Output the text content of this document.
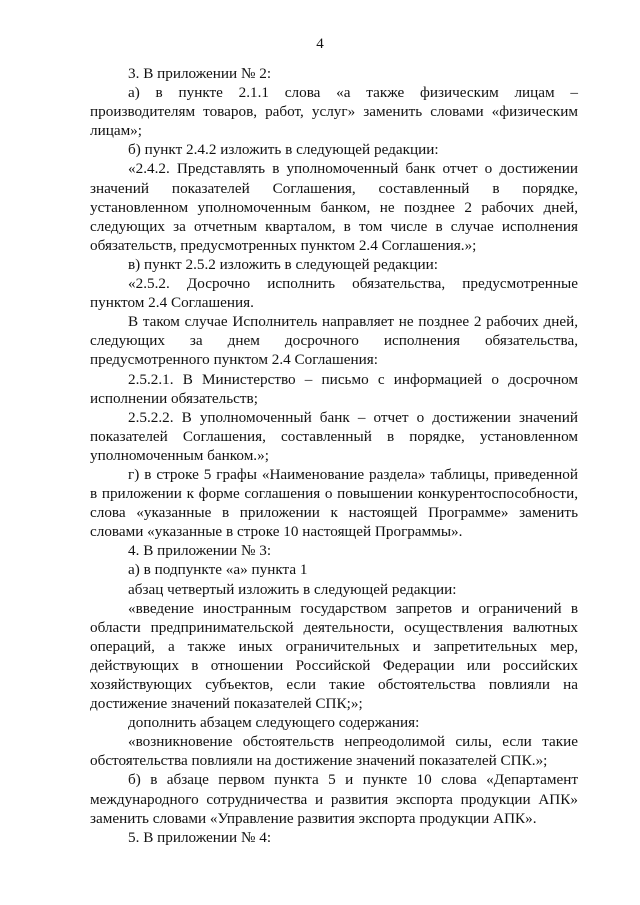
4

3. В приложении № 2:

а) в пункте 2.1.1 слова «а также физическим лицам – производителям товаров, работ, услуг» заменить словами «физическим лицам»;

б) пункт 2.4.2 изложить в следующей редакции:

«2.4.2. Представлять в уполномоченный банк отчет о достижении значений показателей Соглашения, составленный в порядке, установленном уполномоченным банком, не позднее 2 рабочих дней, следующих за отчетным кварталом, в том числе в случае исполнения обязательств, предусмотренных пунктом 2.4 Соглашения.»;

в) пункт 2.5.2 изложить в следующей редакции:

«2.5.2. Досрочно исполнить обязательства, предусмотренные пунктом 2.4 Соглашения.

В таком случае Исполнитель направляет не позднее 2 рабочих дней, следующих за днем досрочного исполнения обязательства, предусмотренного пунктом 2.4 Соглашения:

2.5.2.1. В Министерство – письмо с информацией о досрочном исполнении обязательств;

2.5.2.2. В уполномоченный банк – отчет о достижении значений показателей Соглашения, составленный в порядке, установленном уполномоченным банком.»;

г) в строке 5 графы «Наименование раздела» таблицы, приведенной в приложении к форме соглашения о повышении конкурентоспособности, слова «указанные в приложении к настоящей Программе» заменить словами «указанные в строке 10 настоящей Программы».

4. В приложении № 3:

а) в подпункте «а» пункта 1

абзац четвертый изложить в следующей редакции:

«введение иностранным государством запретов и ограничений в области предпринимательской деятельности, осуществления валютных операций, а также иных ограничительных и запретительных мер, действующих в отношении Российской Федерации или российских хозяйствующих субъектов, если такие обстоятельства повлияли на достижение значений показателей СПК;»;

дополнить абзацем следующего содержания:

«возникновение обстоятельств непреодолимой силы, если такие обстоятельства повлияли на достижение значений показателей СПК.»;

б) в абзаце первом пункта 5 и пункте 10 слова «Департамент международного сотрудничества и развития экспорта продукции АПК» заменить словами «Управление развития экспорта продукции АПК».

5. В приложении № 4:
